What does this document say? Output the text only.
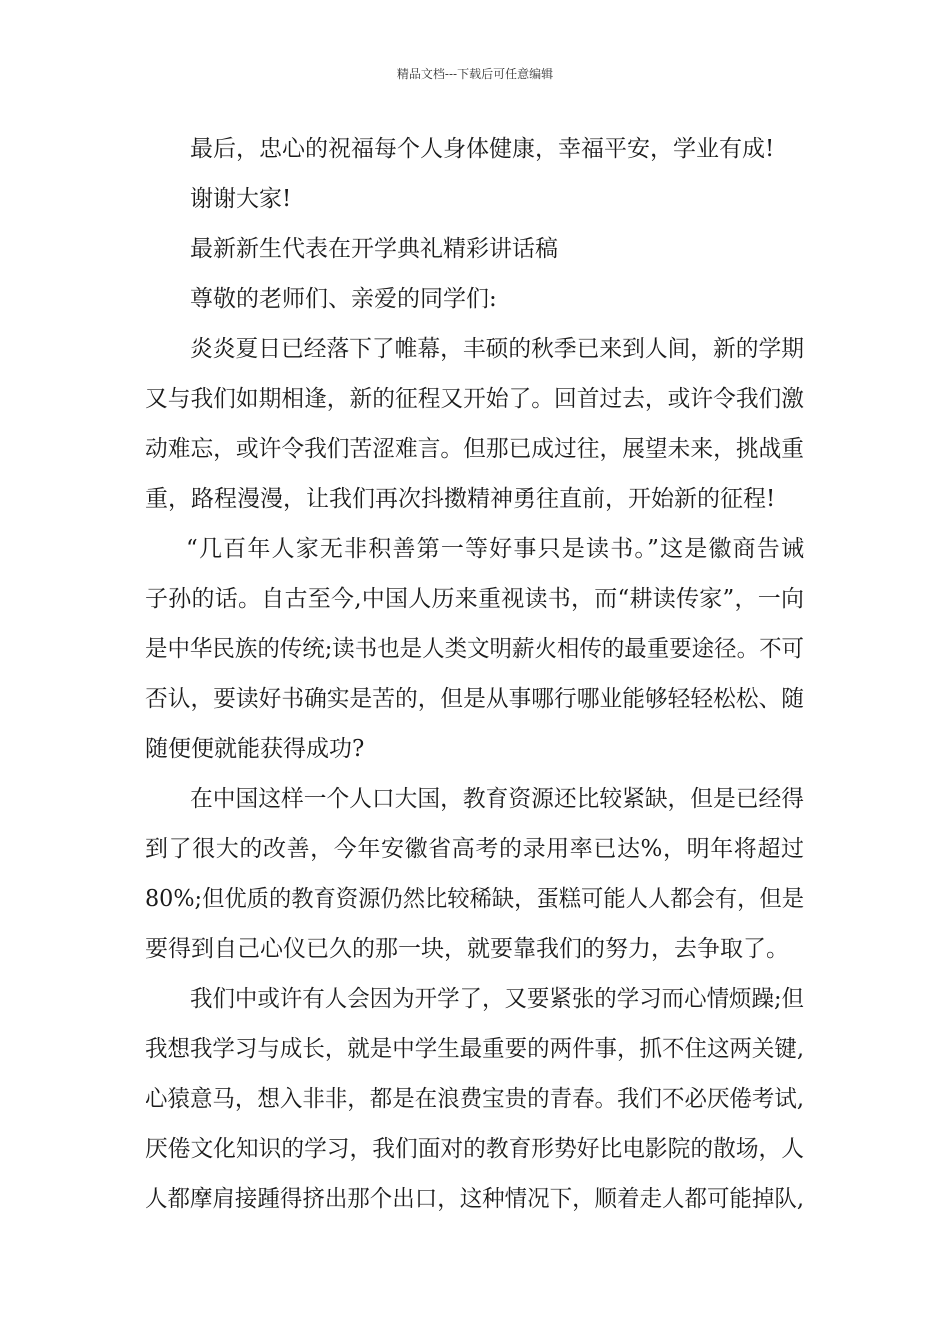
精品文档---下载后可任意编辑
最后，忠心的祝福每个人身体健康，幸福平安，学业有成!
谢谢大家!
最新新生代表在开学典礼精彩讲话稿
尊敬的老师们、亲爱的同学们:
炎炎夏日已经落下了帷幕，丰硕的秋季已来到人间，新的学期
又与我们如期相逢，新的征程又开始了。回首过去，或许令我们激
动难忘，或许令我们苦涩难言。但那已成过往，展望未来，挑战重
重，路程漫漫，让我们再次抖擞精神勇往直前，开始新的征程!
“几百年人家无非积善第一等好事只是读书。”这是徽商告诫
子孙的话。自古至今,中国人历来重视读书，而“耕读传家”，一向
是中华民族的传统;读书也是人类文明薪火相传的最重要途径。不可
否认，要读好书确实是苦的，但是从事哪行哪业能够轻轻松松、随
随便便就能获得成功?
在中国这样一个人口大国，教育资源还比较紧缺，但是已经得
到了很大的改善，今年安徽省高考的录用率已达%，明年将超过
80%;但优质的教育资源仍然比较稀缺，蛋糕可能人人都会有，但是
要得到自己心仪已久的那一块，就要靠我们的努力，去争取了。
我们中或许有人会因为开学了，又要紧张的学习而心情烦躁;但
我想我学习与成长，就是中学生最重要的两件事，抓不住这两关键,
心猿意马，想入非非，都是在浪费宝贵的青春。我们不必厌倦考试,
厌倦文化知识的学习，我们面对的教育形势好比电影院的散场，人
人都摩肩接踵得挤出那个出口，这种情况下，顺着走人都可能掉队,
